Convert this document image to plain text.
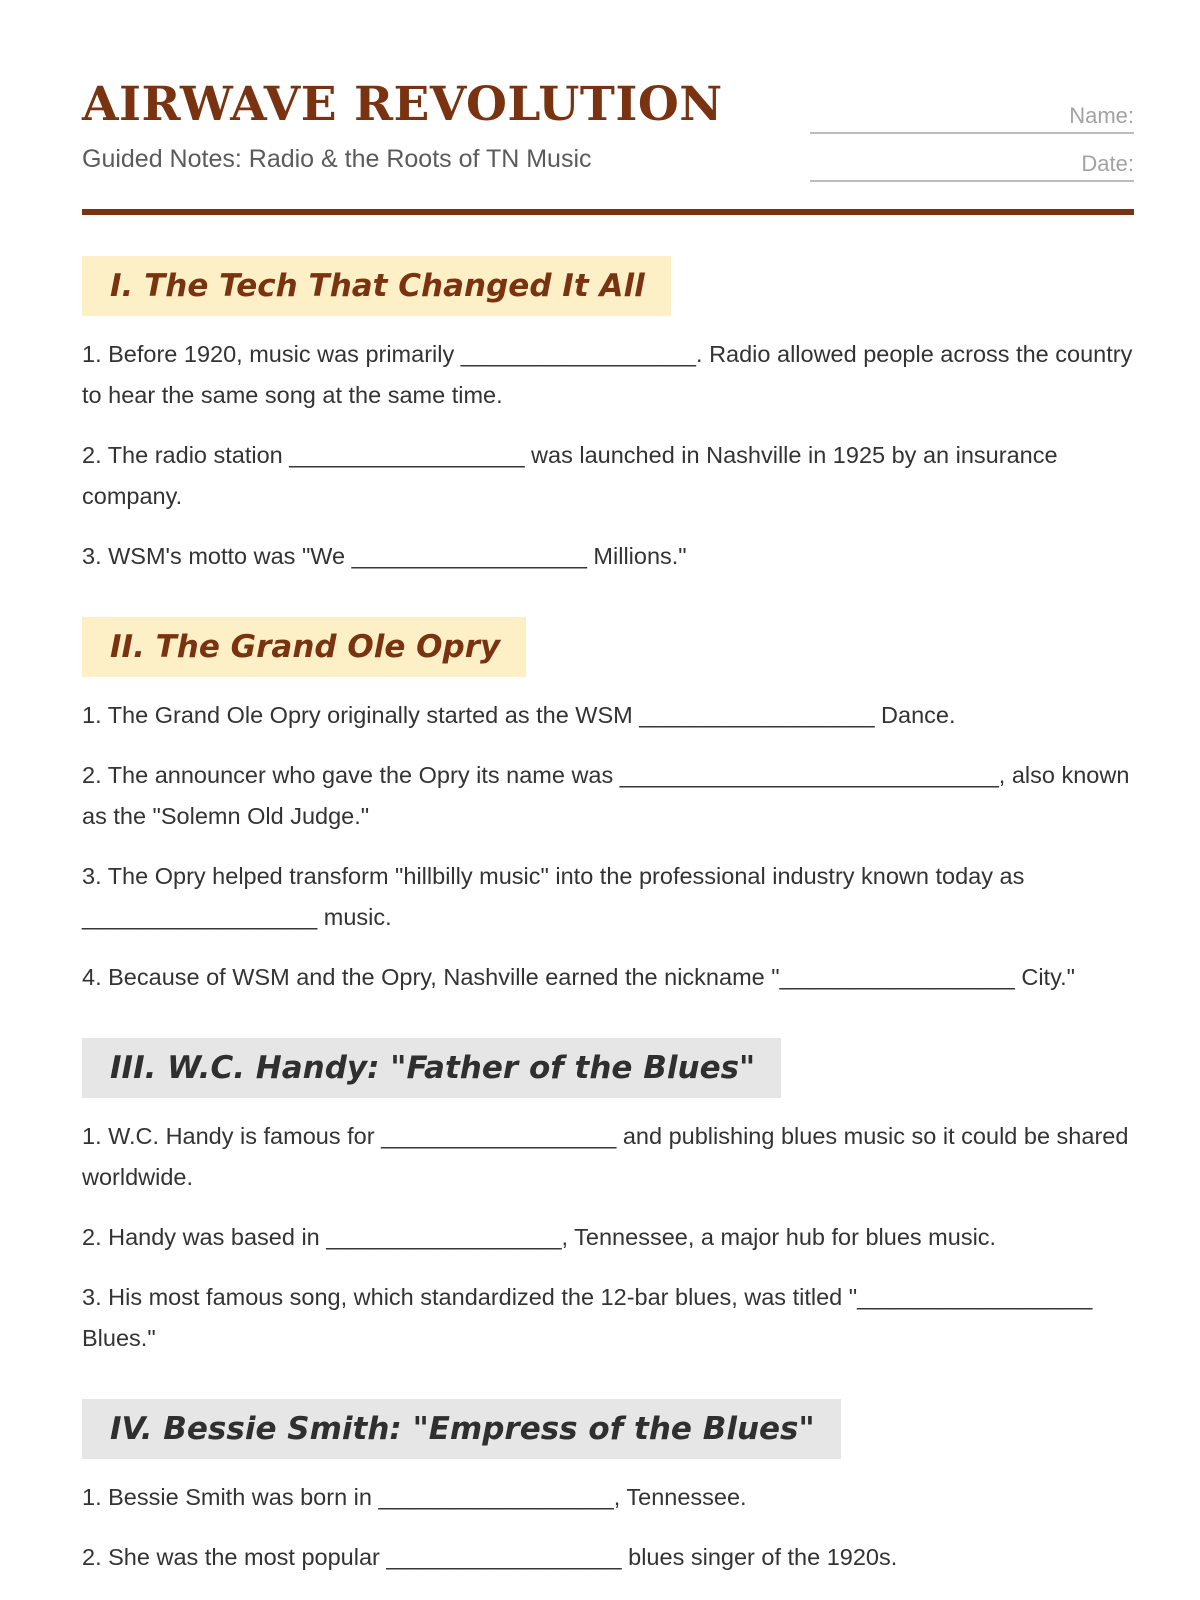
AIRWAVE REVOLUTION

Guided Notes: Radio & the Roots of TN Music

Name:
Date:
I. The Tech That Changed It All

1. Before 1920, music was primarily __________________. Radio allowed people across the country to hear the same song at the same time.

2. The radio station __________________ was launched in Nashville in 1925 by an insurance company.

3. WSM's motto was "We __________________ Millions."

II. The Grand Ole Opry

1. The Grand Ole Opry originally started as the WSM __________________ Dance.

2. The announcer who gave the Opry its name was _____________________________, also known as the "Solemn Old Judge."

3. The Opry helped transform "hillbilly music" into the professional industry known today as __________________ music.

4. Because of WSM and the Opry, Nashville earned the nickname "__________________ City."

III. W.C. Handy: "Father of the Blues"

1. W.C. Handy is famous for __________________ and publishing blues music so it could be shared worldwide.

2. Handy was based in __________________, Tennessee, a major hub for blues music.

3. His most famous song, which standardized the 12-bar blues, was titled "__________________ Blues."

IV. Bessie Smith: "Empress of the Blues"

1. Bessie Smith was born in __________________, Tennessee.

2. She was the most popular __________________ blues singer of the 1920s.
